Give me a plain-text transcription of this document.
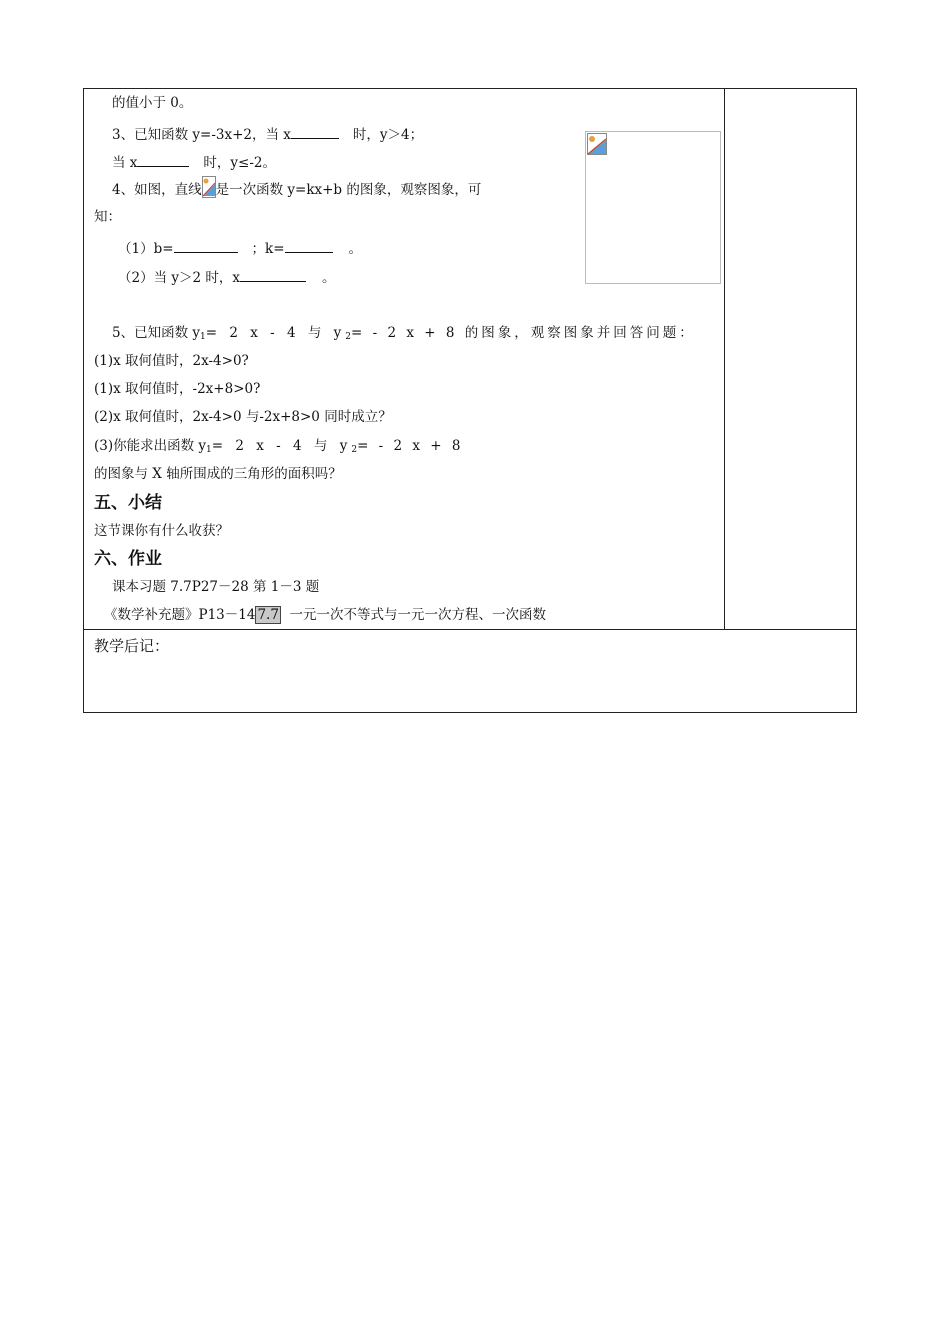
的值小于 0。
3、已知函数 y=-3x+2，当 x	时，y＞4；
当 x	时，y≤-2。
4、如图，直线 是一次函数 y=kx+b 的图象，观察图象，可
知：
（1）b=	；k=	。
（2）当 y＞2 时，x	。
5、已知函数 $y_1= 2$ x - 4 与 $y_2= - 2$ x + 8 的图象，观察图象并回答问题：
(1)x 取何值时，2x-4>0?
(1)x 取何值时，-2x+8>0?
(2)x 取何值时，2x-4>0 与-2x+8>0 同时成立？
(3)你能求出函数 $y_1= 2$ x - 4 与 $y_2= - 2$ x + 8
的图象与 X 轴所围成的三角形的面积吗？
五、小结
这节课你有什么收获？
六、作业
课本习题 7.7P27－28 第 1－3 题
《数学补充题》P13－14 7.7  一元一次不等式与一元一次方程、一次函数
教学后记：
